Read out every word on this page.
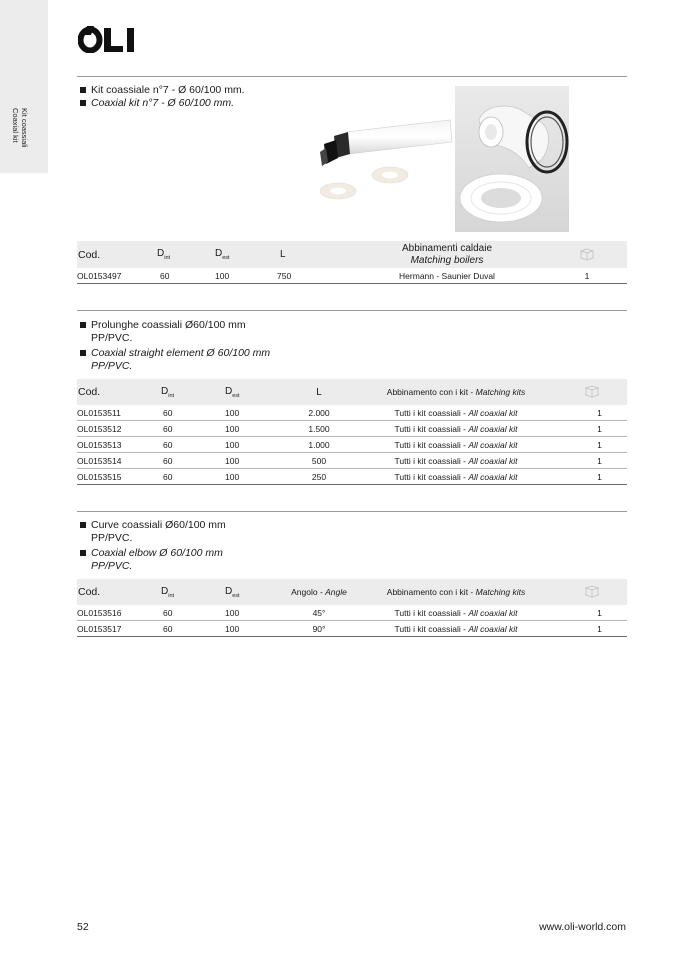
Kit coassiali
Coaxial kit
OLI
Kit coassiale n°7 - Ø 60/100 mm.
Coaxial kit n°7 - Ø 60/100 mm.
Cod.	$D_{int}$	$D_{est}$	L	Abbinamenti caldaie
Matching boilers

OL0153497	60	100	750	Hermann - Saunier Duval	1
Prolunghe coassiali Ø60/100 mm
PP/PVC.
Coaxial straight element Ø 60/100 mm
PP/PVC.
Cod.	$D_{int}$	$D_{est}$	L	Abbinamento con i kit - Matching kits	
OL0153511	60	100	2.000	Tutti i kit coassiali - All coaxial kit	1
OL0153512	60	100	1.500	Tutti i kit coassiali - All coaxial kit	1
OL0153513	60	100	1.000	Tutti i kit coassiali - All coaxial kit	1
OL0153514	60	100	500	Tutti i kit coassiali - All coaxial kit	1
OL0153515	60	100	250	Tutti i kit coassiali - All coaxial kit	1
Curve coassiali Ø60/100 mm
PP/PVC.
Coaxial elbow Ø 60/100 mm
PP/PVC.
Cod.	$D_{int}$	$D_{est}$	Angolo - Angle	Abbinamento con i kit - Matching kits	
OL0153516	60	100	45°	Tutti i kit coassiali - All coaxial kit	1
OL0153517	60	100	90°	Tutti i kit coassiali - All coaxial kit	1
52	www.oli-world.com
